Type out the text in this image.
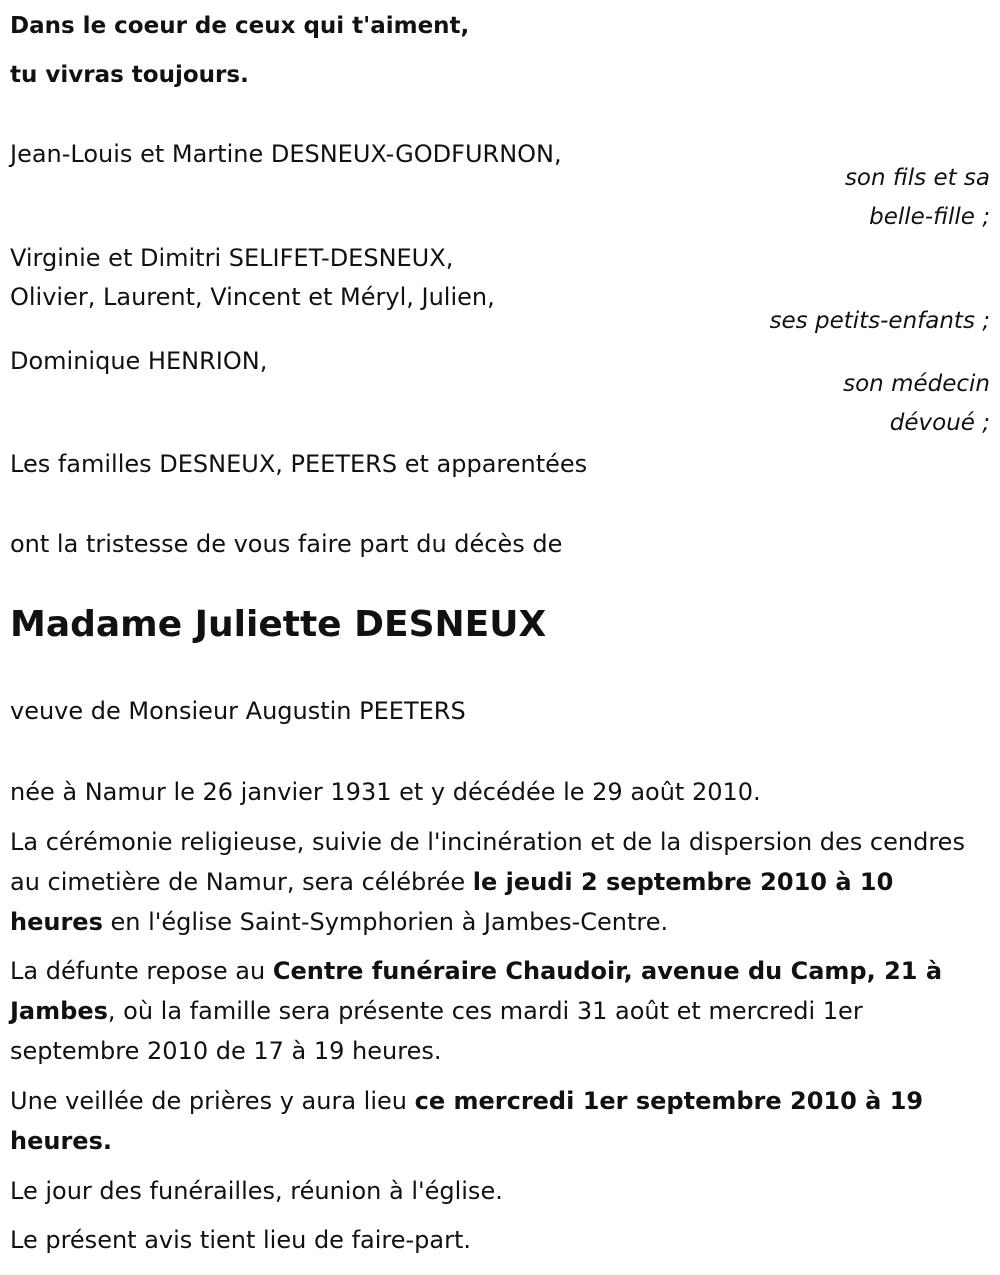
Dans le coeur de ceux qui t'aiment,
tu vivras toujours.
Jean-Louis et Martine DESNEUX-GODFURNON,
son fils et sa
belle-fille ;
Virginie et Dimitri SELIFET-DESNEUX,
Olivier, Laurent, Vincent et Méryl, Julien,
ses petits-enfants ;
Dominique HENRION,
son médecin
dévoué ;
Les familles DESNEUX, PEETERS et apparentées
ont la tristesse de vous faire part du décès de
Madame Juliette DESNEUX
veuve de Monsieur Augustin PEETERS
née à Namur le 26 janvier 1931 et y décédée le 29 août 2010.
La cérémonie religieuse, suivie de l'incinération et de la dispersion des cendres au cimetière de Namur, sera célébrée le jeudi 2 septembre 2010 à 10 heures en l'église Saint-Symphorien à Jambes-Centre.
La défunte repose au Centre funéraire Chaudoir, avenue du Camp, 21 à Jambes, où la famille sera présente ces mardi 31 août et mercredi 1er septembre 2010 de 17 à 19 heures.
Une veillée de prières y aura lieu ce mercredi 1er septembre 2010 à 19 heures.
Le jour des funérailles, réunion à l'église.
Le présent avis tient lieu de faire-part.
